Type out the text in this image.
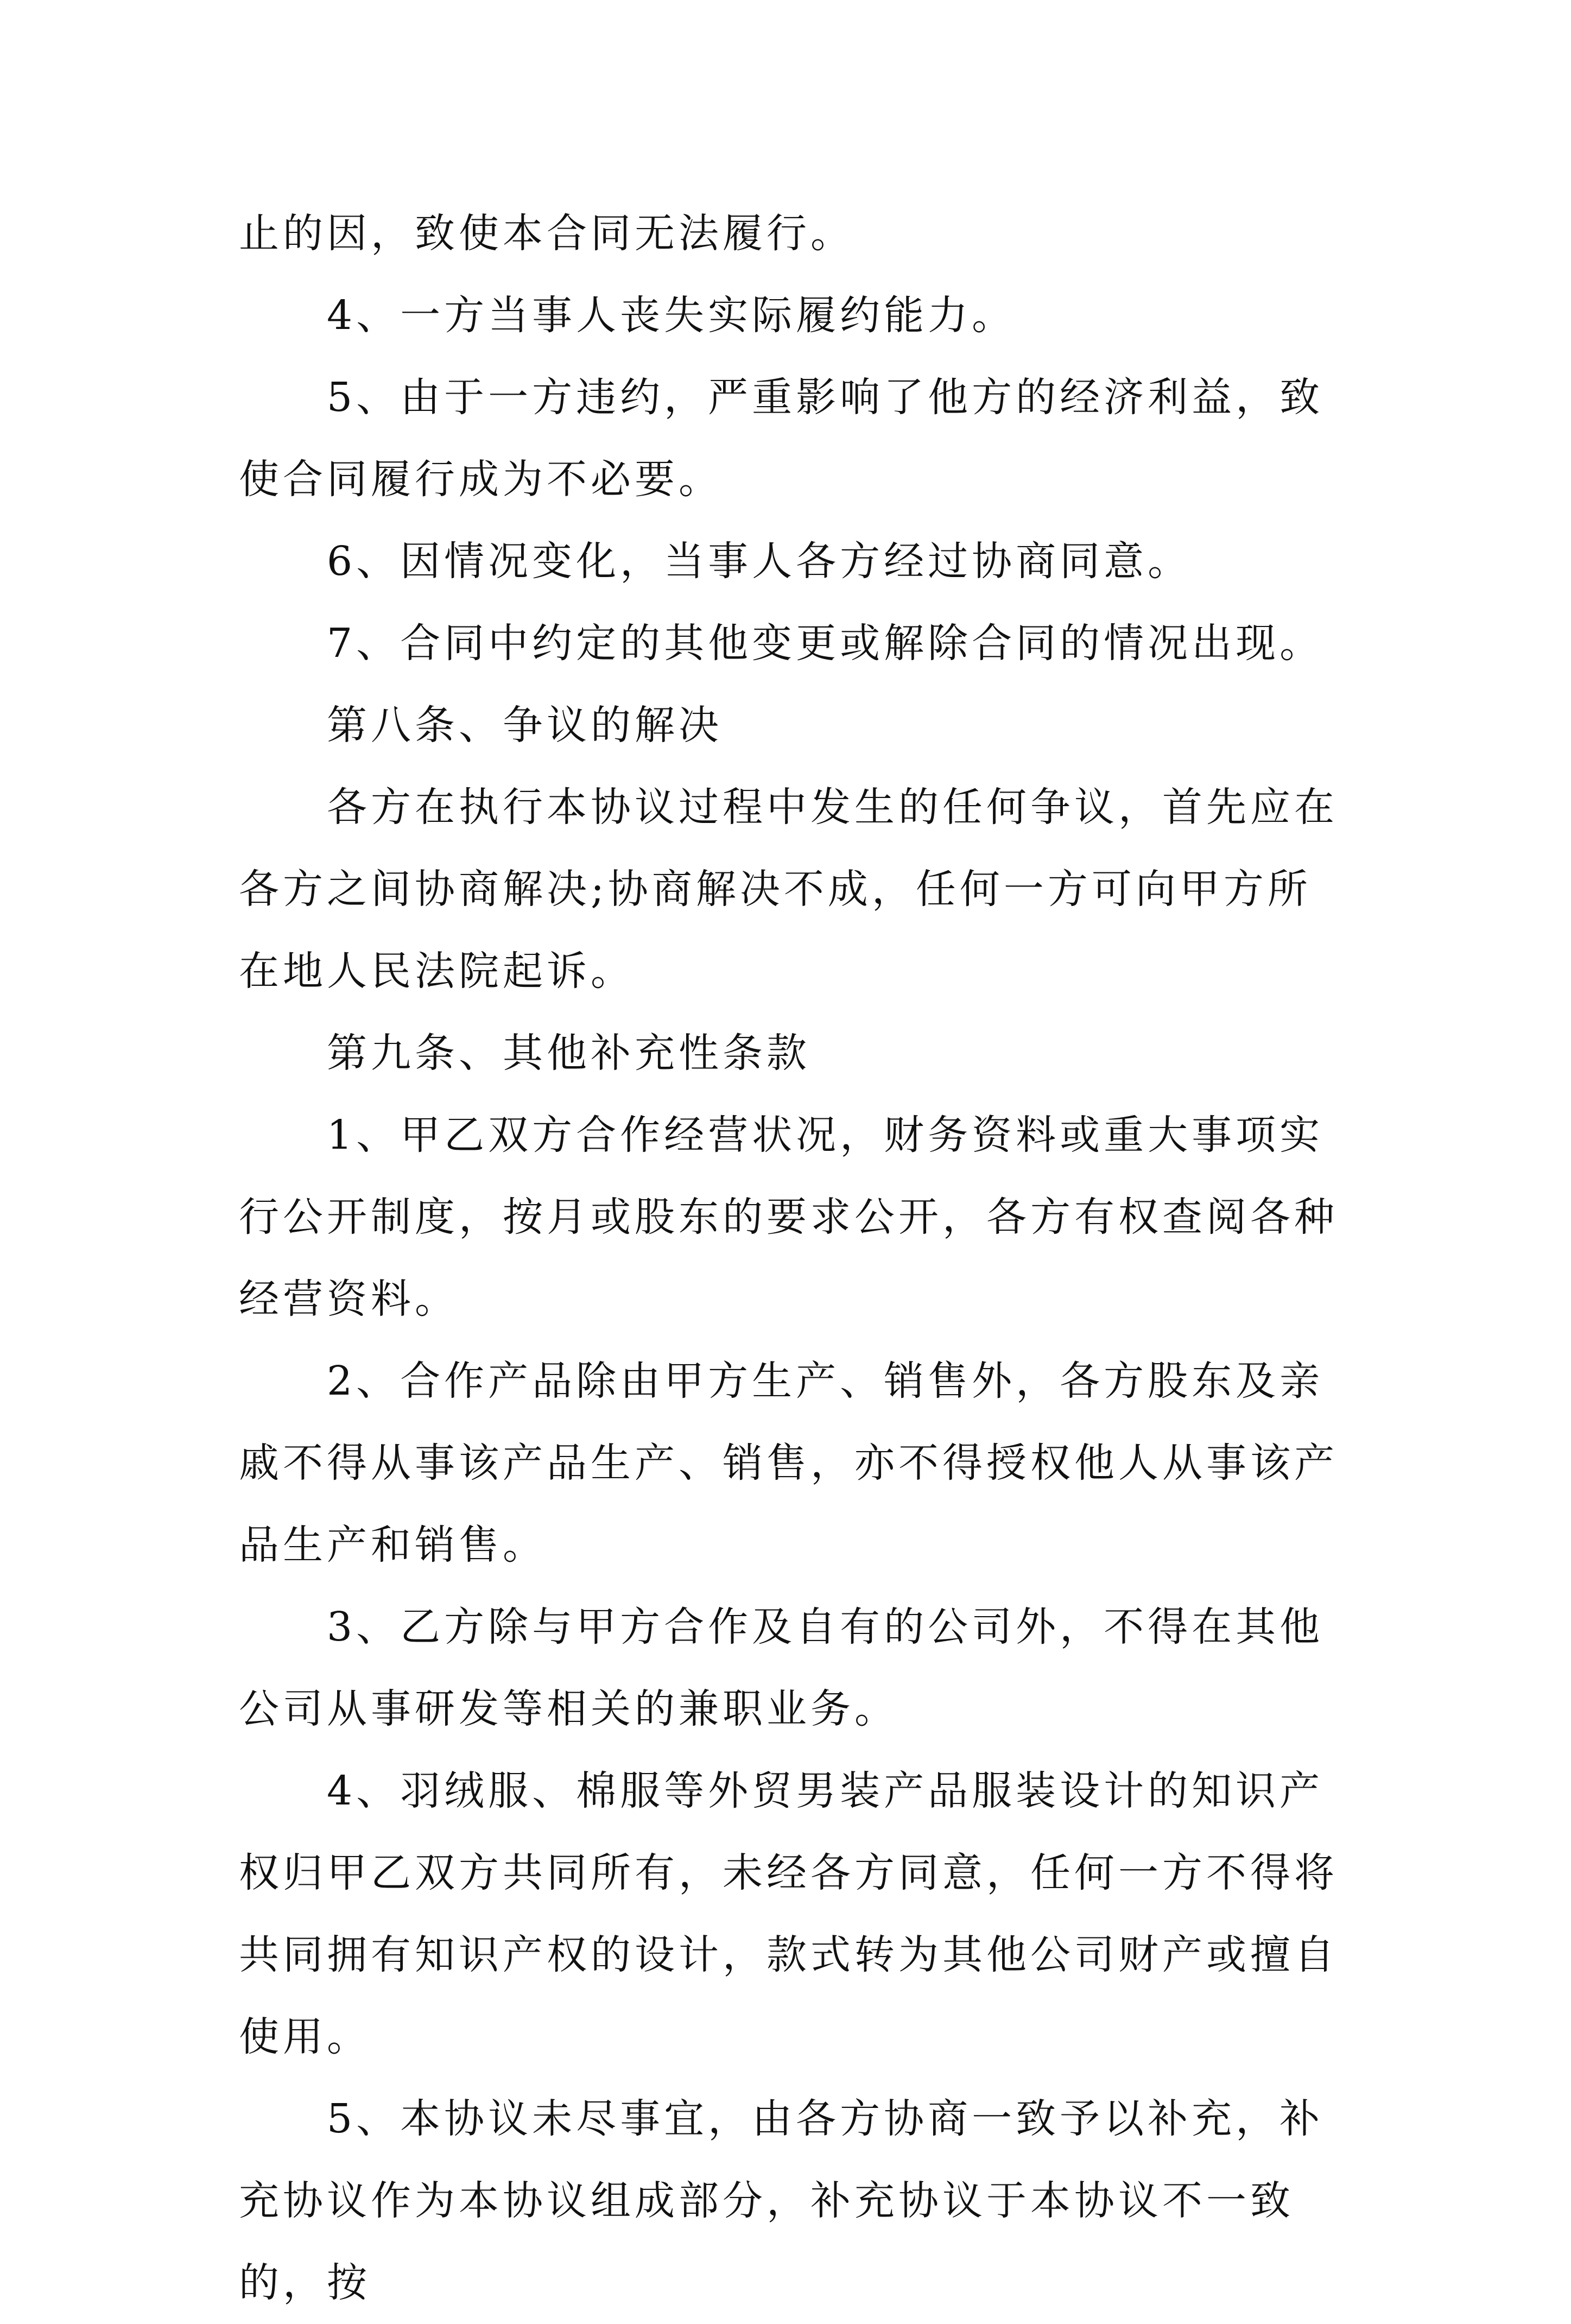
止的因，致使本合同无法履行。

4、一方当事人丧失实际履约能力。

5、由于一方违约，严重影响了他方的经济利益，致使合同履行成为不必要。

6、因情况变化，当事人各方经过协商同意。

7、合同中约定的其他变更或解除合同的情况出现。

第八条、争议的解决

各方在执行本协议过程中发生的任何争议，首先应在各方之间协商解决;协商解决不成，任何一方可向甲方所在地人民法院起诉。

第九条、其他补充性条款

1、甲乙双方合作经营状况，财务资料或重大事项实行公开制度，按月或股东的要求公开，各方有权查阅各种经营资料。

2、合作产品除由甲方生产、销售外，各方股东及亲戚不得从事该产品生产、销售，亦不得授权他人从事该产品生产和销售。

3、乙方除与甲方合作及自有的公司外，不得在其他公司从事研发等相关的兼职业务。

4、羽绒服、棉服等外贸男装产品服装设计的知识产权归甲乙双方共同所有，未经各方同意，任何一方不得将共同拥有知识产权的设计，款式转为其他公司财产或擅自使用。

5、本协议未尽事宜，由各方协商一致予以补充，补充协议作为本协议组成部分，补充协议于本协议不一致的，按
